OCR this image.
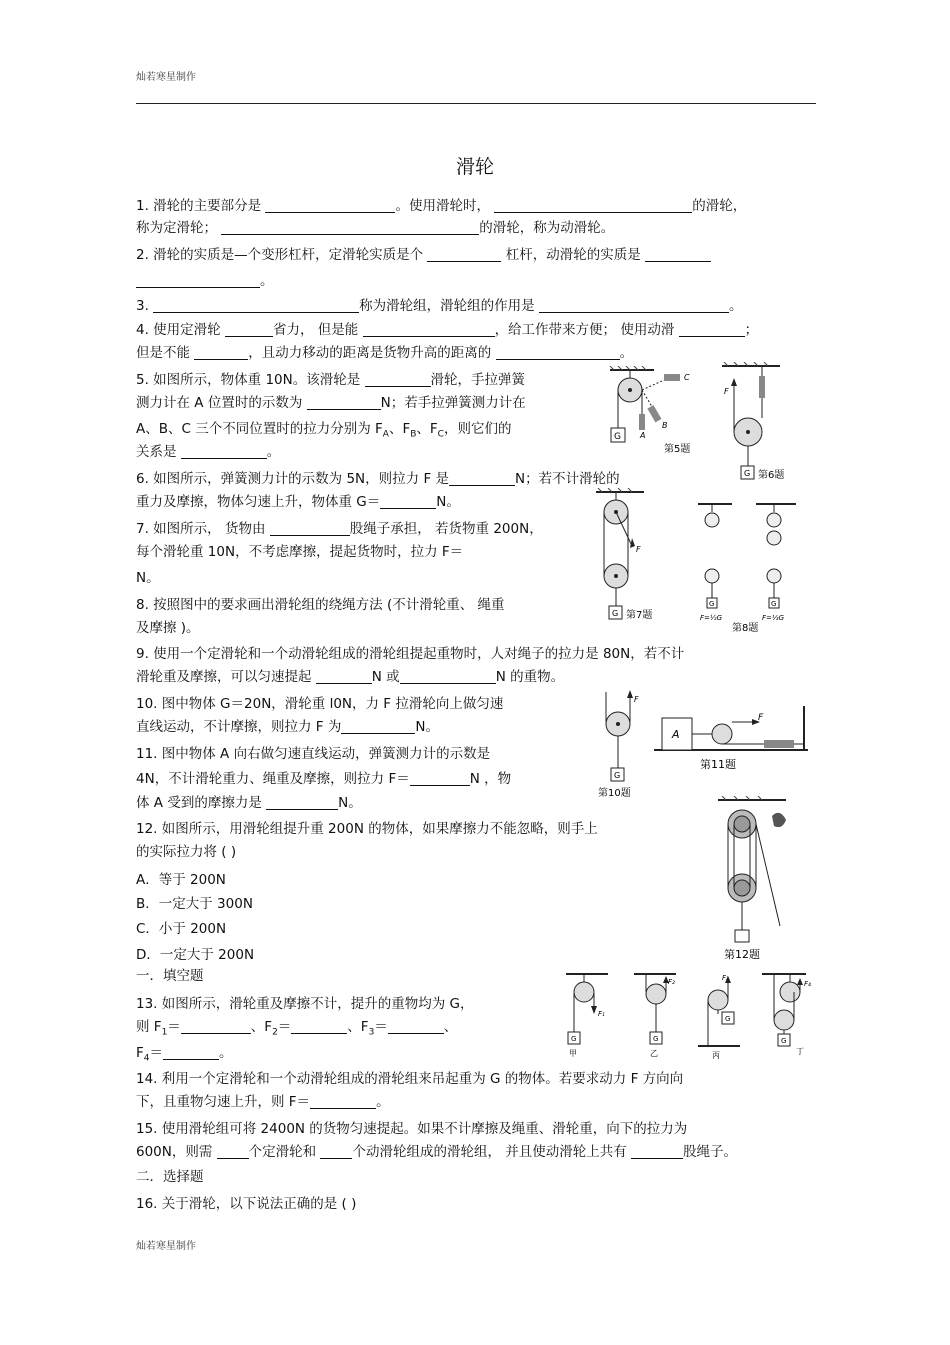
灿若寒星制作
滑轮
1. 滑轮的主要部分是	。使用滑轮时，	的滑轮，
称为定滑轮；	的滑轮，称为动滑轮。
2. 滑轮的实质是—个变形杠杆，定滑轮实质是个	杠杆，动滑轮的实质是
。
3.	称为滑轮组，滑轮组的作用是	。
4. 使用定滑轮	省力， 但是能	，给工作带来方便； 使用动滑	；
但是不能	，且动力移动的距离是货物升高的距离的	。
5. 如图所示，物体重 10N。该滑轮是	滑轮，手拉弹簧
测力计在 A 位置时的示数为	N；若手拉弹簧测力计在
A、B、C 三个不同位置时的拉力分别为 $F_A$、$F_B$、$F_C$，则它们的
关系是	。
6. 如图所示，弹簧测力计的示数为 5N，则拉力 F 是	N；若不计滑轮的
重力及摩擦，物体匀速上升，物体重 G＝	N。
7. 如图所示， 货物由	股绳子承担， 若货物重 200N，
每个滑轮重 10N，不考虑摩擦，提起货物时，拉力 F＝
N。
8. 按照图中的要求画出滑轮组的绕绳方法 (不计滑轮重、 绳重
及摩擦 )。
9. 使用一个定滑轮和一个动滑轮组成的滑轮组提起重物时，人对绳子的拉力是 80N，若不计
滑轮重及摩擦，可以匀速提起	N 或	N 的重物。
10. 图中物体 G＝20N，滑轮重 l0N，力 F 拉滑轮向上做匀速
直线运动，不计摩擦，则拉力 F 为	N。
11. 图中物体 A 向右做匀速直线运动，弹簧测力计的示数是
4N，不计滑轮重力、绳重及摩擦，则拉力 F＝	N ，物
体 A 受到的摩擦力是	N。
12. 如图所示，用滑轮组提升重 200N 的物体，如果摩擦力不能忽略，则手上
的实际拉力将 ( )
A．等于 200N
B．一定大于 300N
C．小于 200N
D．一定大于 200N
一．填空题
13. 如图所示，滑轮重及摩擦不计，提升的重物均为 G，
则 $F_1=$	、$F_2=$	、$F_3=$	、
$F_4=$	。
14. 利用一个定滑轮和一个动滑轮组成的滑轮组来吊起重为 G 的物体。若要求动力 F 方向向
下，且重物匀速上升，则 F＝	。
15. 使用滑轮组可将 2400N 的货物匀速提起。如果不计摩擦及绳重、滑轮重，向下的拉力为
600N，则需 个定滑轮和 个动滑轮组成的滑轮组， 并且使动滑轮上共有	股绳子。
二．选择题
16. 关于滑轮，以下说法正确的是 ( )
G A
B
C
第5题
F
G 第6题
F
G 第7题
G	G
F=½G	F=⅓G
第8题
F
G
第10题
A
F
第11题
第12题
F₁
G
甲
F₂
G
乙
F₃
G
丙
F₄
G
丁
灿若寒星制作
